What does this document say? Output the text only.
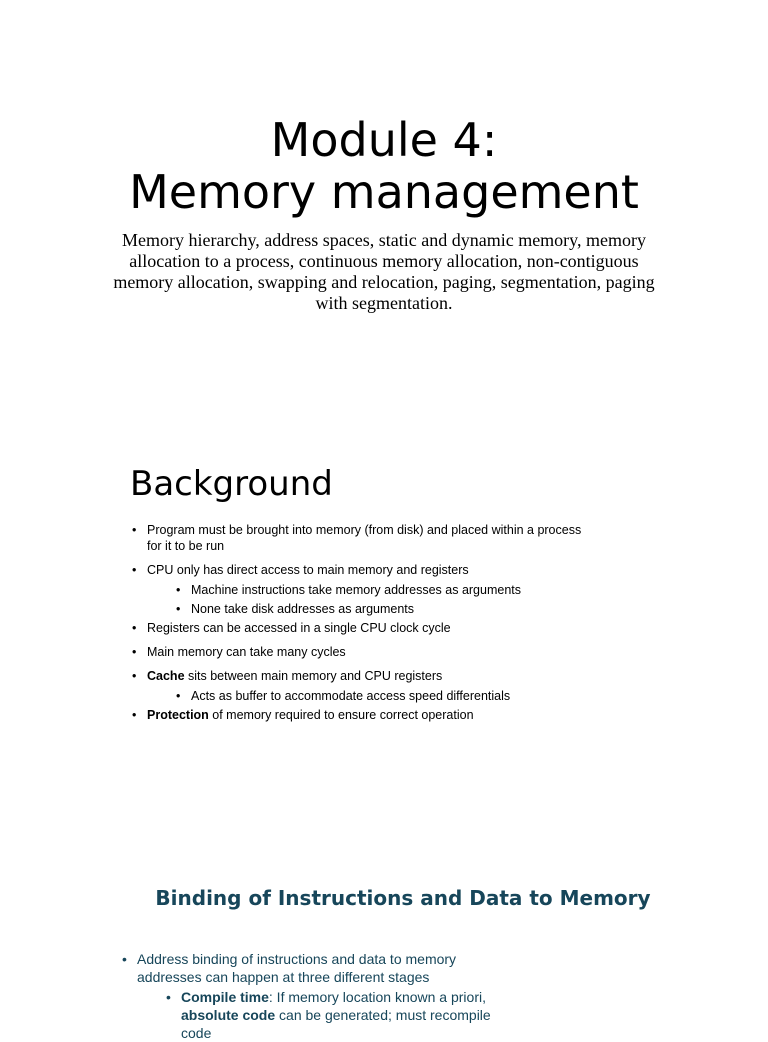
Module 4:
Memory management

Memory hierarchy, address spaces, static and dynamic memory, memory allocation to a process, continuous memory allocation, non-contiguous memory allocation, swapping and relocation, paging, segmentation, paging with segmentation.

Background
• Program must be brought into memory (from disk) and placed within a process for it to be run
• CPU only has direct access to main memory and registers
• Machine instructions take memory addresses as arguments
• None take disk addresses as arguments
• Registers can be accessed in a single CPU clock cycle
• Main memory can take many cycles
• Cache sits between main memory and CPU registers
• Acts as buffer to accommodate access speed differentials
• Protection of memory required to ensure correct operation
Binding of Instructions and Data to Memory
• Address binding of instructions and data to memory addresses can happen at three different stages
• Compile time: If memory location known a priori, absolute code can be generated; must recompile code
